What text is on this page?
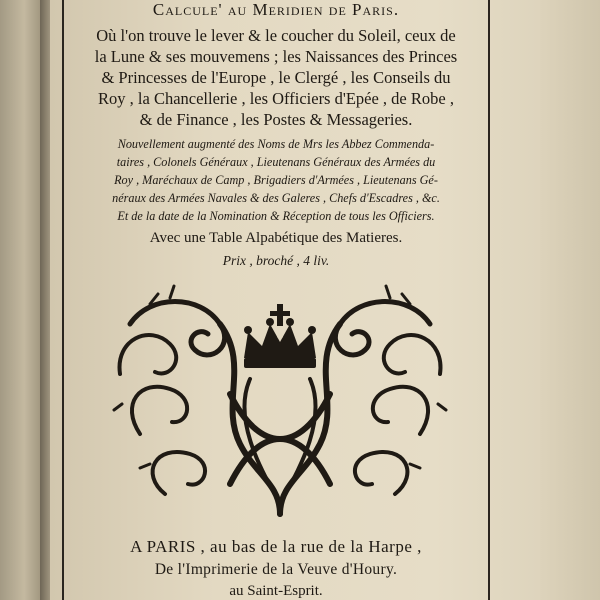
Calcule' au Meridien de Paris.
Où l'on trouve le lever & le coucher du Soleil, ceux de
la Lune & ses mouvemens ; les Naissances des Princes
& Princesses de l'Europe , le Clergé , les Conseils du
Roy , la Chancellerie , les Officiers d'Epée , de Robe ,
& de Finance , les Postes & Messageries.
Nouvellement augmenté des Noms de Mrs les Abbez Commenda-
taires , Colonels Généraux , Lieutenans Généraux des Armées du
Roy , Maréchaux de Camp , Brigadiers d'Armées , Lieutenans Gé-
néraux des Armées Navales & des Galeres , Chefs d'Escadres , &c.
Et de la date de la Nomination & Réception de tous les Officiers.
Avec une Table Alpabétique des Matieres.
Prix , broché , 4 liv.
A PARIS , au bas de la rue de la Harpe ,
De l'Imprimerie de la Veuve d'Houry.
au Saint-Esprit.
